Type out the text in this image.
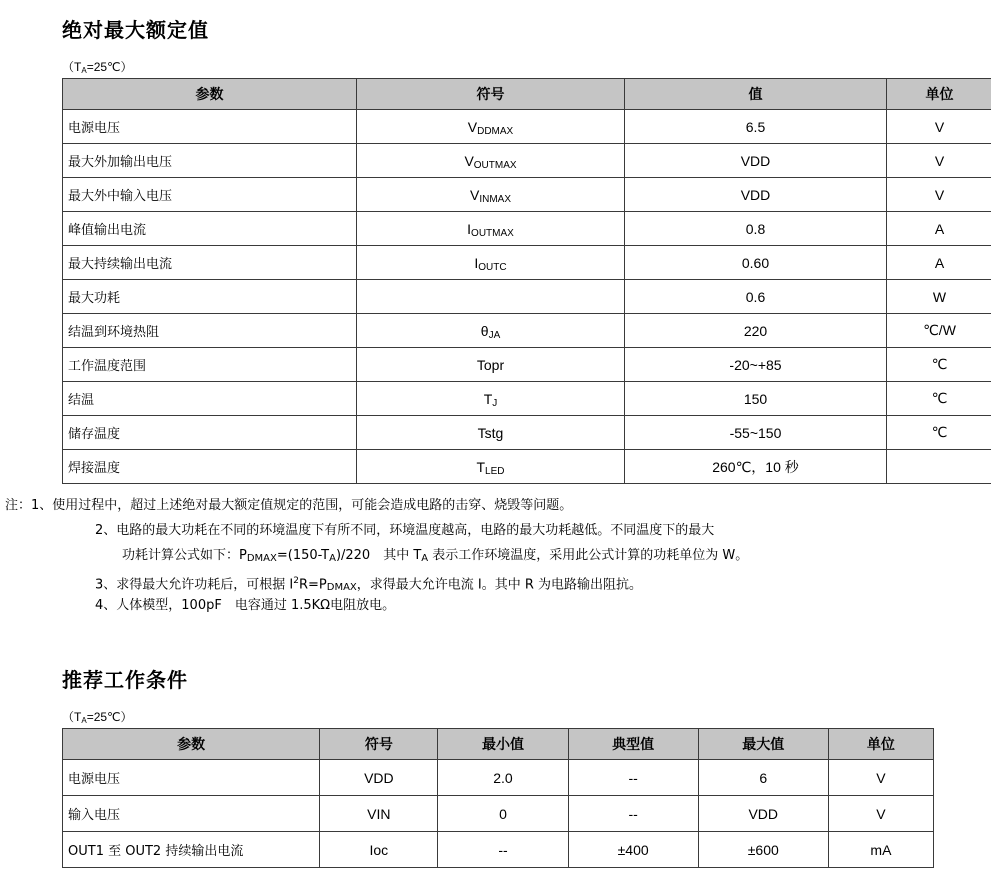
绝对最大额定值
$(T_A=25℃)$
参数	符号	值	单位
电源电压	$V_{DDMAX}$	6.5	V
最大外加输出电压	$V_{OUTMAX}$	VDD	V
最大外中输入电压	$V_{INMAX}$	VDD	V
峰值输出电流	$I_{OUTMAX}$	0.8	A
最大持续输出电流	$I_{OUTC}$	0.60	A
最大功耗		0.6	W
结温到环境热阻	$\theta_{JA}$	220	℃/W
工作温度范围	Topr	-20~+85	℃
结温	$T_J$	150	℃
储存温度	Tstg	-55~150	℃
焊接温度	$T_{LED}$	260℃，10 秒	
注：1、使用过程中，超过上述绝对最大额定值规定的范围，可能会造成电路的击穿、烧毁等问题。
2、电路的最大功耗在不同的环境温度下有所不同，环境温度越高，电路的最大功耗越低。不同温度下的最大
功耗计算公式如下：$P_{DMAX}=(150-T_A)/220$　其中 $T_A$ 表示工作环境温度，采用此公式计算的功耗单位为 W。
3、求得最大允许功耗后，可根据 $I^2R=P_{DMAX}$，求得最大允许电流 I。其中 R 为电路输出阻抗。
4、人体模型，100pF　电容通过 1.5KΩ电阻放电。
推荐工作条件
$(T_A=25℃)$
参数	符号	最小值	典型值	最大值	单位
电源电压	VDD	2.0	--	6	V
输入电压	VIN	0	--	VDD	V
OUT1 至 OUT2 持续输出电流	Ioc	--	±400	±600	mA
